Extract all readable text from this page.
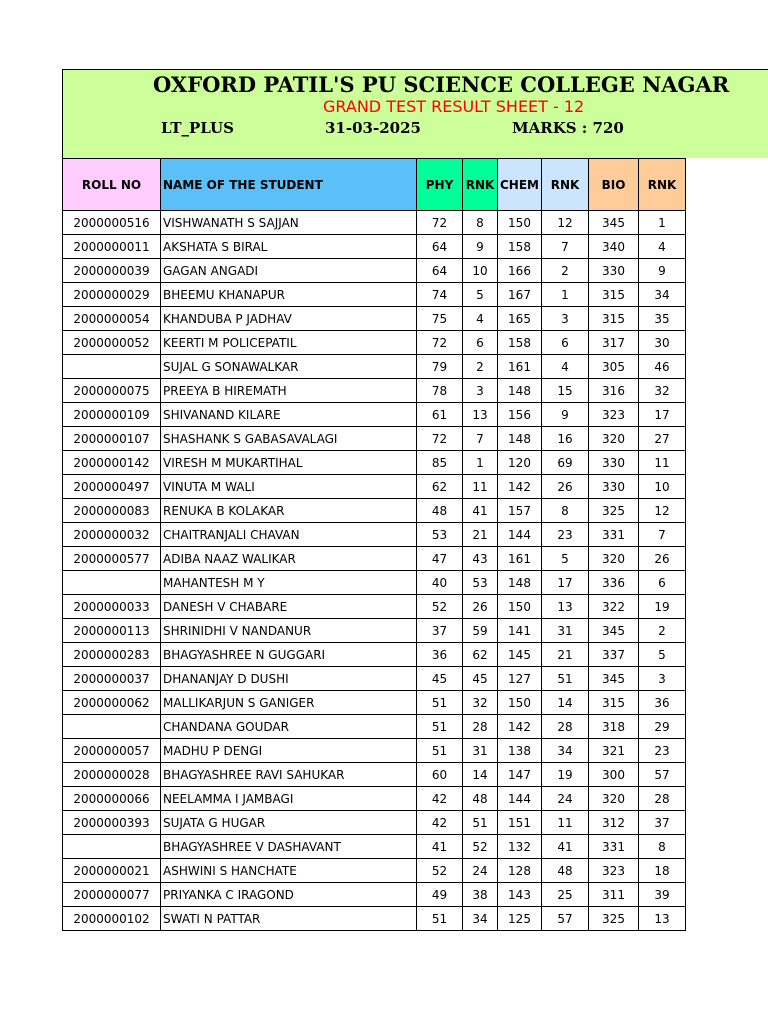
OXFORD PATIL'S PU SCIENCE COLLEGE NAGAR
GRAND TEST RESULT SHEET - 12
LT_PLUS	31-03-2025	MARKS : 720
ROLL NO	NAME OF THE STUDENT	PHY	RNK	CHEM	RNK	BIO	RNK
2000000516	VISHWANATH S SAJJAN	72	8	150	12	345	1
2000000011	AKSHATA S BIRAL	64	9	158	7	340	4
2000000039	GAGAN ANGADI	64	10	166	2	330	9
2000000029	BHEEMU KHANAPUR	74	5	167	1	315	34
2000000054	KHANDUBA P JADHAV	75	4	165	3	315	35
2000000052	KEERTI M POLICEPATIL	72	6	158	6	317	30
	SUJAL G SONAWALKAR	79	2	161	4	305	46
2000000075	PREEYA B HIREMATH	78	3	148	15	316	32
2000000109	SHIVANAND KILARE	61	13	156	9	323	17
2000000107	SHASHANK S GABASAVALAGI	72	7	148	16	320	27
2000000142	VIRESH M MUKARTIHAL	85	1	120	69	330	11
2000000497	VINUTA M WALI	62	11	142	26	330	10
2000000083	RENUKA B KOLAKAR	48	41	157	8	325	12
2000000032	CHAITRANJALI CHAVAN	53	21	144	23	331	7
2000000577	ADIBA NAAZ WALIKAR	47	43	161	5	320	26
	MAHANTESH M Y	40	53	148	17	336	6
2000000033	DANESH V CHABARE	52	26	150	13	322	19
2000000113	SHRINIDHI V NANDANUR	37	59	141	31	345	2
2000000283	BHAGYASHREE N GUGGARI	36	62	145	21	337	5
2000000037	DHANANJAY D DUSHI	45	45	127	51	345	3
2000000062	MALLIKARJUN S GANIGER	51	32	150	14	315	36
	CHANDANA GOUDAR	51	28	142	28	318	29
2000000057	MADHU P DENGI	51	31	138	34	321	23
2000000028	BHAGYASHREE RAVI SAHUKAR	60	14	147	19	300	57
2000000066	NEELAMMA I JAMBAGI	42	48	144	24	320	28
2000000393	SUJATA G HUGAR	42	51	151	11	312	37
	BHAGYASHREE V DASHAVANT	41	52	132	41	331	8
2000000021	ASHWINI S HANCHATE	52	24	128	48	323	18
2000000077	PRIYANKA C IRAGOND	49	38	143	25	311	39
2000000102	SWATI N PATTAR	51	34	125	57	325	13
